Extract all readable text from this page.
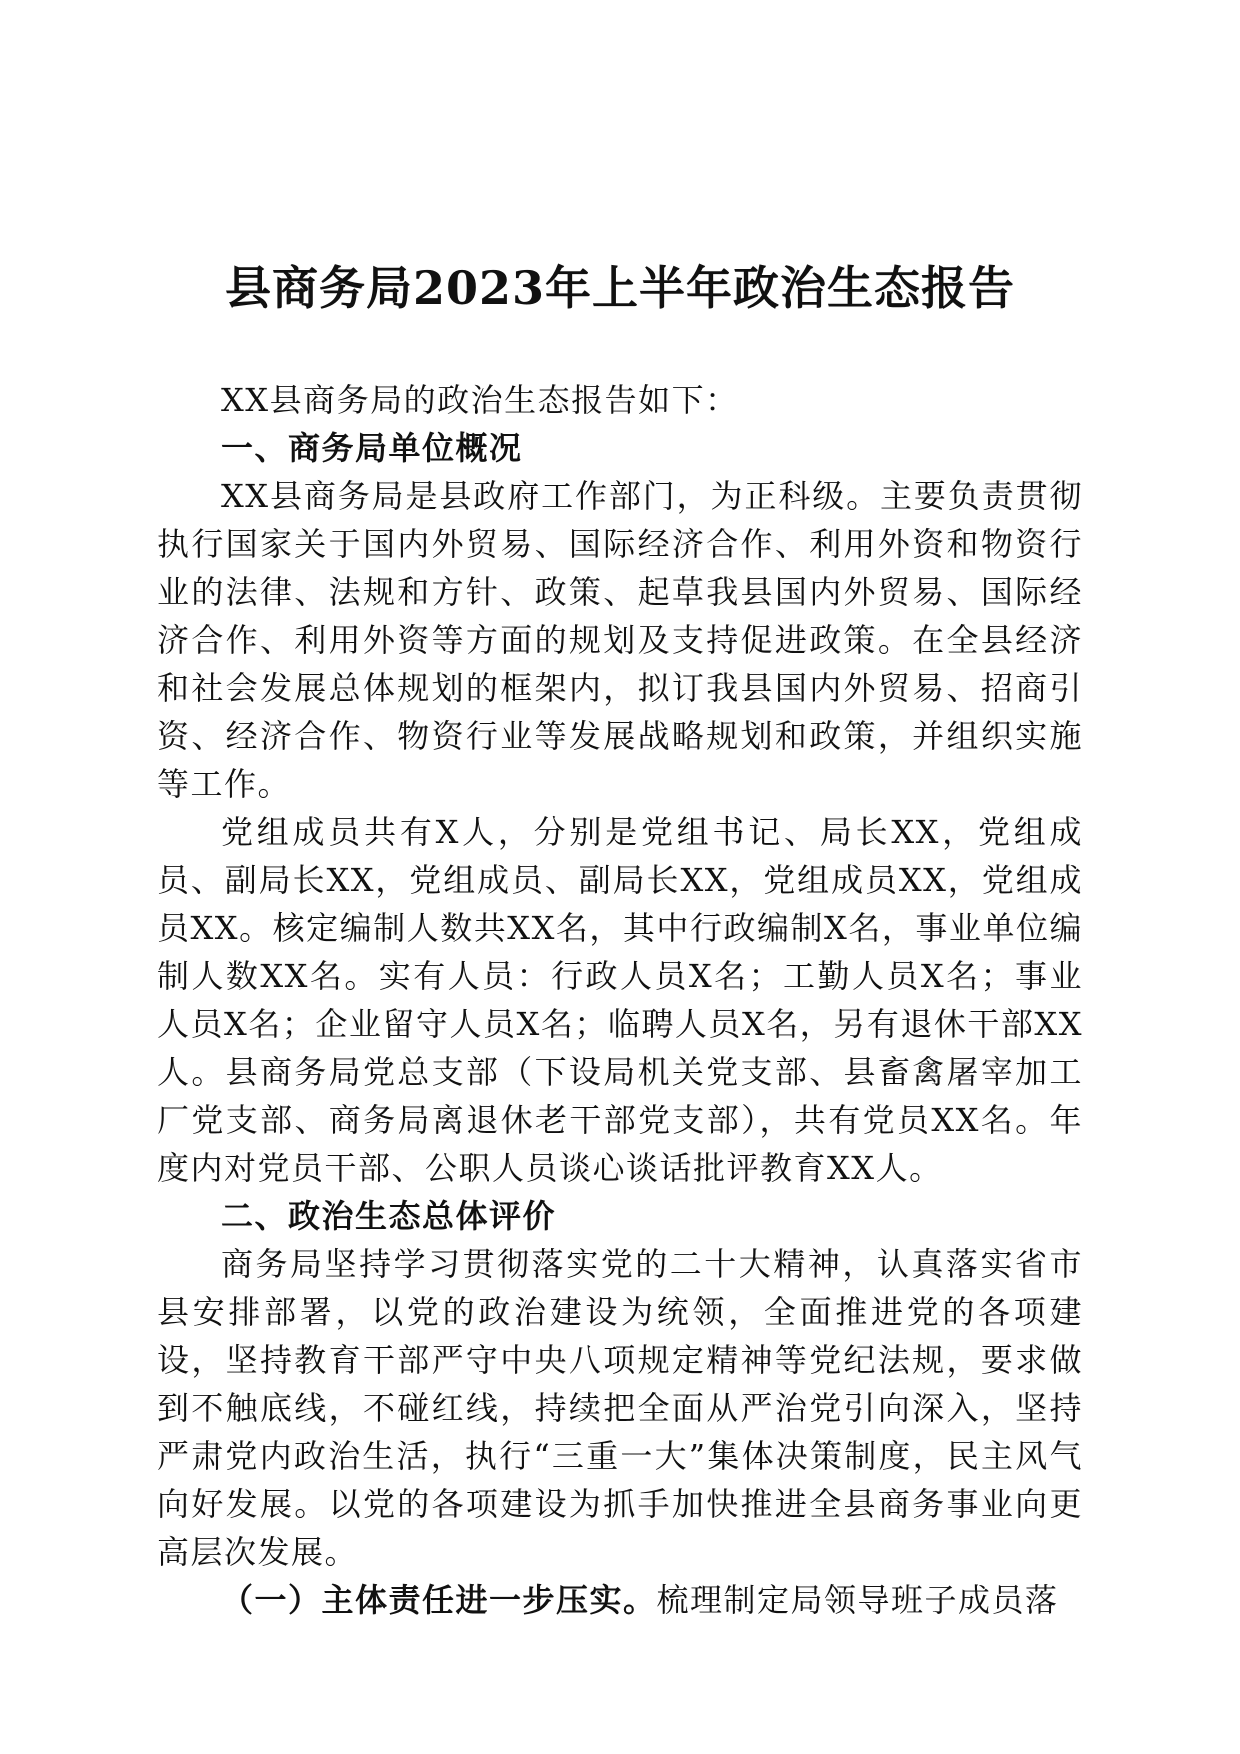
县商务局2023年上半年政治生态报告

XX县商务局的政治生态报告如下：

一、商务局单位概况

XX县商务局是县政府工作部门，为正科级。主要负责贯彻执行国家关于国内外贸易、国际经济合作、利用外资和物资行业的法律、法规和方针、政策、起草我县国内外贸易、国际经济合作、利用外资等方面的规划及支持促进政策。在全县经济和社会发展总体规划的框架内，拟订我县国内外贸易、招商引资、经济合作、物资行业等发展战略规划和政策，并组织实施等工作。

党组成员共有X人，分别是党组书记、局长XX，党组成员、副局长XX，党组成员、副局长XX，党组成员XX，党组成员XX。核定编制人数共XX名，其中行政编制X名，事业单位编制人数XX名。实有人员：行政人员X名；工勤人员X名；事业人员X名；企业留守人员X名；临聘人员X名，另有退休干部XX人。县商务局党总支部（下设局机关党支部、县畜禽屠宰加工厂党支部、商务局离退休老干部党支部），共有党员XX名。年度内对党员干部、公职人员谈心谈话批评教育XX人。

二、政治生态总体评价

商务局坚持学习贯彻落实党的二十大精神，认真落实省市县安排部署，以党的政治建设为统领，全面推进党的各项建设，坚持教育干部严守中央八项规定精神等党纪法规，要求做到不触底线，不碰红线，持续把全面从严治党引向深入，坚持严肃党内政治生活，执行“三重一大”集体决策制度，民主风气向好发展。以党的各项建设为抓手加快推进全县商务事业向更高层次发展。

（一）主体责任进一步压实。梳理制定局领导班子成员落
